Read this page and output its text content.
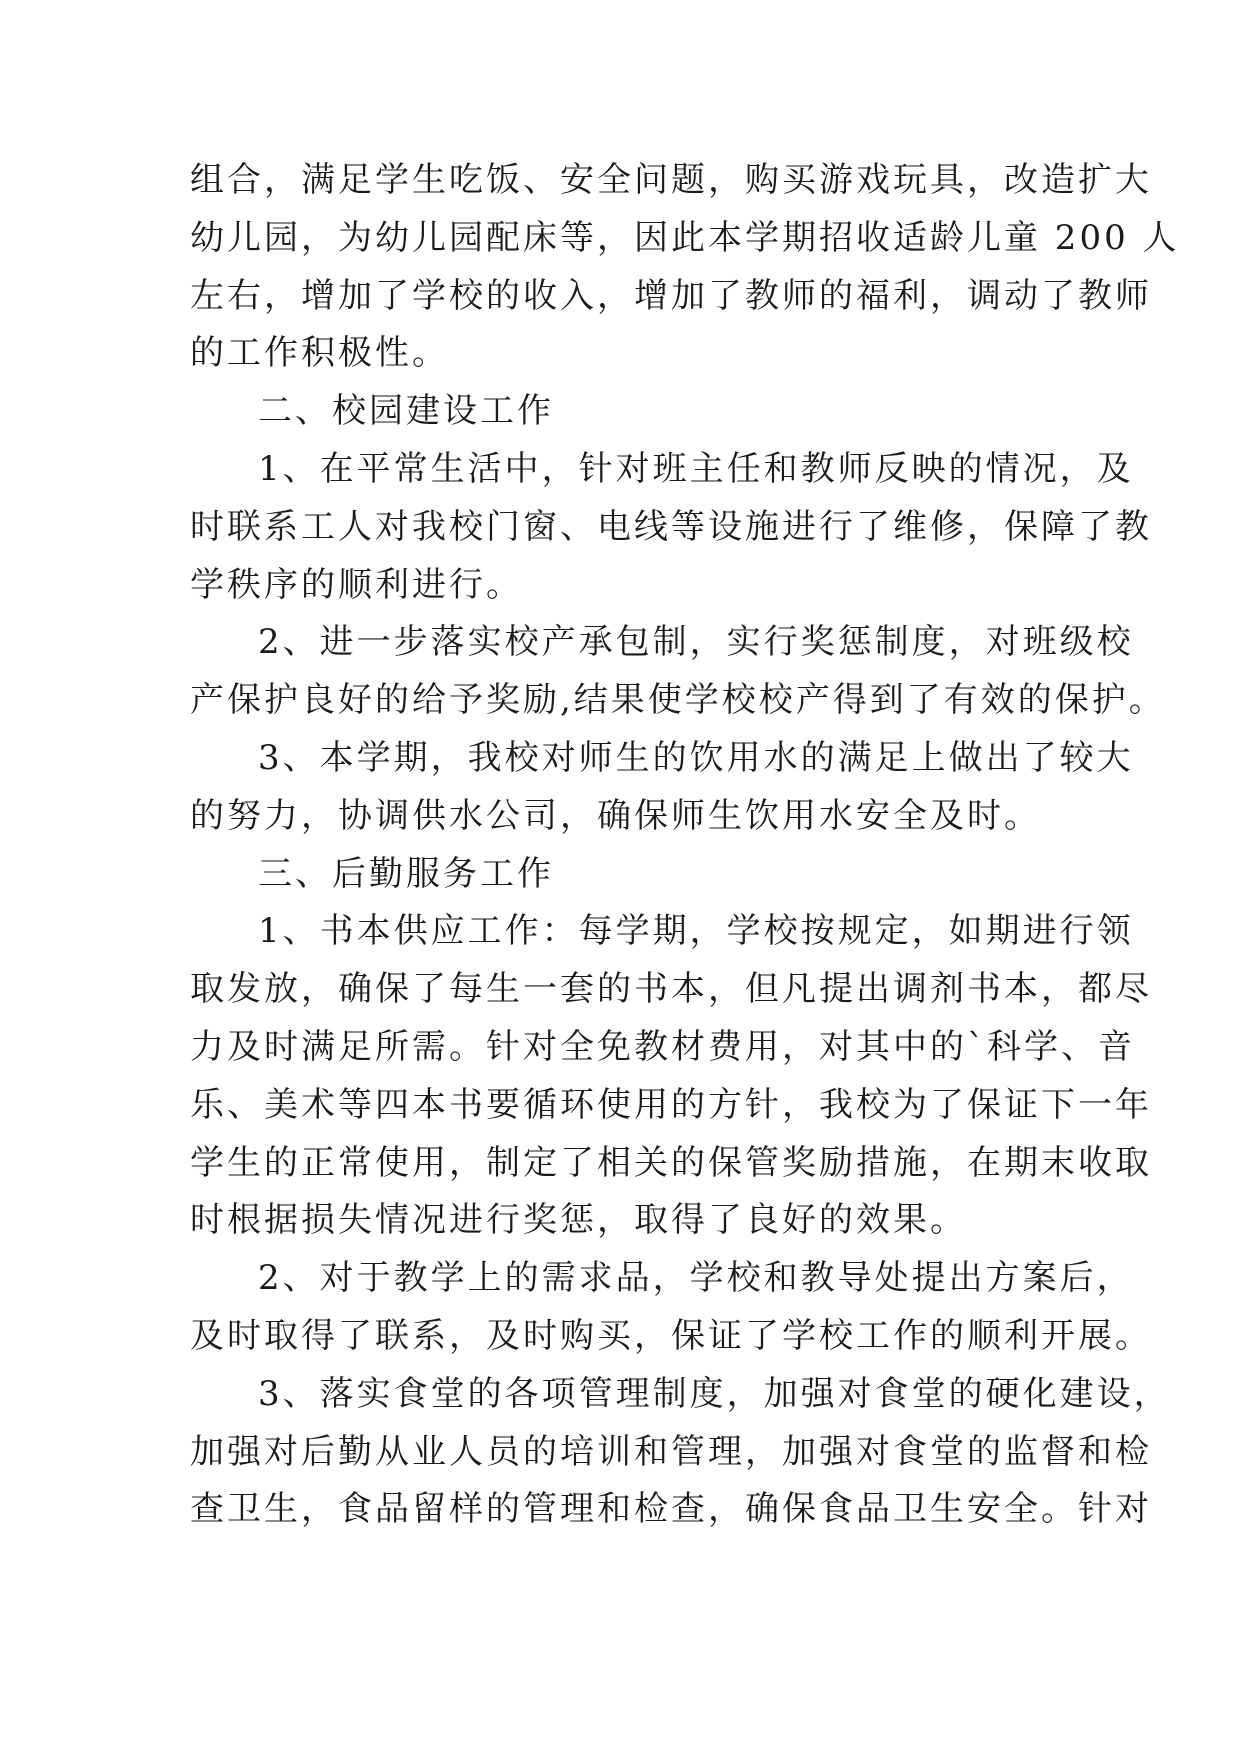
组合，满足学生吃饭、安全问题，购买游戏玩具，改造扩大
幼儿园，为幼儿园配床等，因此本学期招收适龄儿童 200 人
左右，增加了学校的收入，增加了教师的福利，调动了教师
的工作积极性。
二、校园建设工作
1、在平常生活中，针对班主任和教师反映的情况，及
时联系工人对我校门窗、电线等设施进行了维修，保障了教
学秩序的顺利进行。
2、进一步落实校产承包制，实行奖惩制度，对班级校
产保护良好的给予奖励,结果使学校校产得到了有效的保护。
3、本学期，我校对师生的饮用水的满足上做出了较大
的努力，协调供水公司，确保师生饮用水安全及时。
三、后勤服务工作
1、书本供应工作：每学期，学校按规定，如期进行领
取发放，确保了每生一套的书本，但凡提出调剂书本，都尽
力及时满足所需。针对全免教材费用，对其中的`科学、音
乐、美术等四本书要循环使用的方针，我校为了保证下一年
学生的正常使用，制定了相关的保管奖励措施，在期末收取
时根据损失情况进行奖惩，取得了良好的效果。
2、对于教学上的需求品，学校和教导处提出方案后，
及时取得了联系，及时购买，保证了学校工作的顺利开展。
3、落实食堂的各项管理制度，加强对食堂的硬化建设，
加强对后勤从业人员的培训和管理，加强对食堂的监督和检
查卫生，食品留样的管理和检查，确保食品卫生安全。针对
